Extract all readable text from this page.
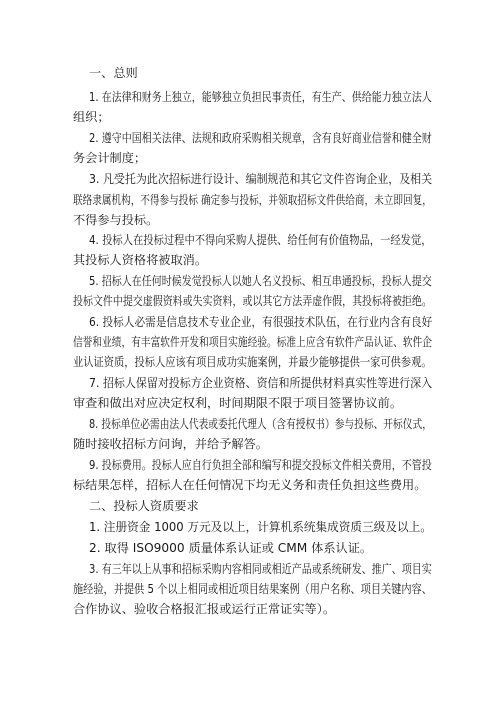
一、总则
1. 在法律和财务上独立，能够独立负担民事责任，有生产、供给能力独立法人
组织；
2. 遵守中国相关法律、法规和政府采购相关规章，含有良好商业信誉和健全财
务会计制度；
3. 凡受托为此次招标进行设计、编制规范和其它文件咨询企业，及相关
联络隶属机构，不得参与投标 确定参与投标，并领取招标文件供给商，未立即回复，
不得参与投标。
4. 投标人在投标过程中不得向采购人提供、给任何有价值物品，一经发觉，
其投标人资格将被取消。
5. 招标人在任何时候发觉投标人以她人名义投标、相互串通投标，投标人提交
投标文件中提交虚假资料或失实资料，或以其它方法弄虚作假，其投标将被拒绝。
6. 投标人必需是信息技术专业企业，有很强技术队伍，在行业内含有良好
信誉和业绩，有丰富软件开发和项目实施经验。标准上应含有软件产品认证、软件企
业认证资质，投标人应该有项目成功实施案例，并最少能够提供一家可供参观。
7. 招标人保留对投标方企业资格、资信和所提供材料真实性等进行深入
审查和做出对应决定权利，时间期限不限于项目签署协议前。
8. 投标单位必需由法人代表或委托代理人（含有授权书）参与投标、开标仪式，
随时接收招标方问询，并给予解答。
9. 投标费用。投标人应自行负担全部和编写和提交投标文件相关费用，不管投
标结果怎样，招标人在任何情况下均无义务和责任负担这些费用。
二、投标人资质要求
1. 注册资金 1000 万元及以上，计算机系统集成资质三级及以上。
2. 取得 ISO9000 质量体系认证或 CMM 体系认证。
3. 有三年以上从事和招标采购内容相同或相近产品或系统研发、推广、项目实
施经验，并提供 5 个以上相同或相近项目结果案例（用户名称、项目关键内容、
合作协议、验收合格报汇报或运行正常证实等）。
